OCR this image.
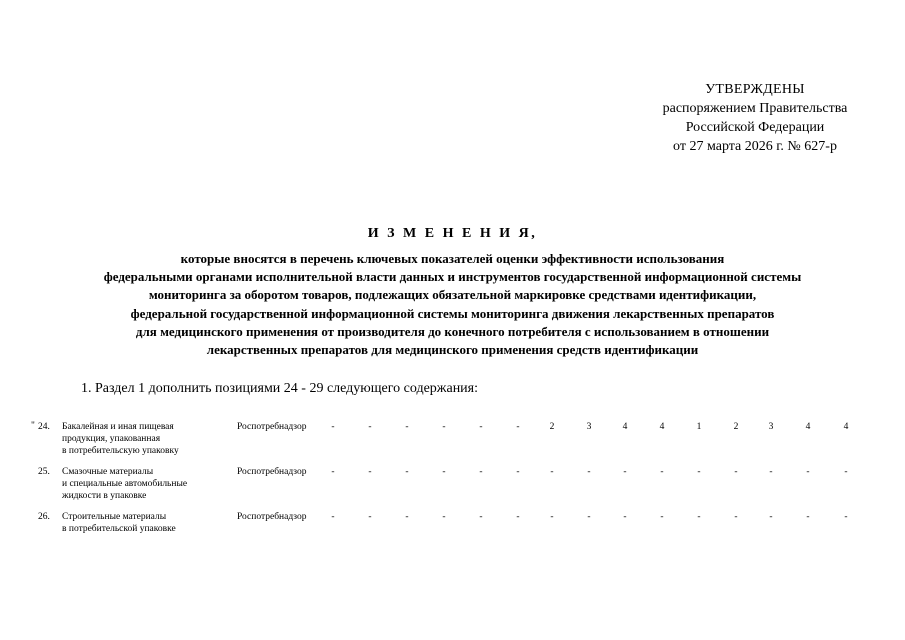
УТВЕРЖДЕНЫ
распоряжением Правительства
Российской Федерации
от 27 марта 2026 г. № 627-р
И З М Е Н Е Н И Я,
которые вносятся в перечень ключевых показателей оценки эффективности использования
федеральными органами исполнительной власти данных и инструментов государственной информационной системы
мониторинга за оборотом товаров, подлежащих обязательной маркировке средствами идентификации,
федеральной государственной информационной системы мониторинга движения лекарственных препаратов
для медицинского применения от производителя до конечного потребителя с использованием в отношении
лекарственных препаратов для медицинского применения средств идентификации
1. Раздел 1 дополнить позициями 24 - 29 следующего содержания:
" 24.	Бакалейная и иная пищевая
продукция, упакованная
в потребительскую упаковку
Роспотребнадзор	-	-	-	-	-	-	2	3	4	4	1	2	3	4	4
25.	Смазочные материалы
и специальные автомобильные
жидкости в упаковке
Роспотребнадзор	-	-	-	-	-	-	-	-	-	-	-	-	-	-	-
26.	Строительные материалы
в потребительской упаковке
Роспотребнадзор	-	-	-	-	-	-	-	-	-	-	-	-	-	-	-
